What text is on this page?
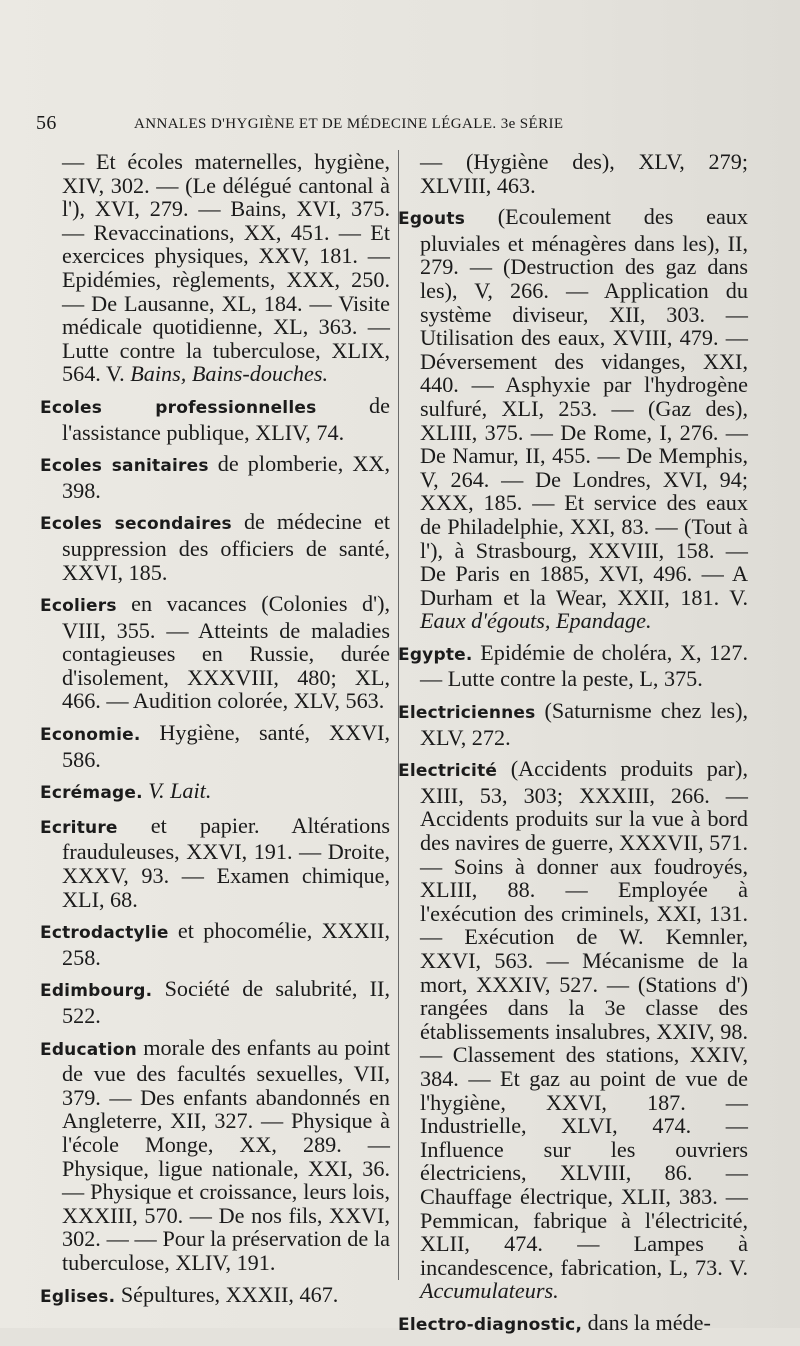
56	ANNALES D'HYGIÈNE ET DE MÉDECINE LÉGALE. 3e SÉRIE

— Et écoles maternelles, hygiène, XIV, 302. — (Le délégué cantonal à l'), XVI, 279. — Bains, XVI, 375. — Revaccinations, XX, 451. — Et exercices physiques, XXV, 181. — Epidémies, règlements, XXX, 250. — De Lausanne, XL, 184. — Visite médicale quotidienne, XL, 363. — Lutte contre la tuberculose, XLIX, 564. V. Bains, Bains-douches.

Ecoles professionnelles de l'assistance publique, XLIV, 74.

Ecoles sanitaires de plomberie, XX, 398.

Ecoles secondaires de médecine et suppression des officiers de santé, XXVI, 185.

Ecoliers en vacances (Colonies d'), VIII, 355. — Atteints de maladies contagieuses en Russie, durée d'isolement, XXXVIII, 480; XL, 466. — Audition colorée, XLV, 563.

Economie. Hygiène, santé, XXVI, 586.

Ecrémage. V. Lait.

Ecriture et papier. Altérations frauduleuses, XXVI, 191. — Droite, XXXV, 93. — Examen chimique, XLI, 68.

Ectrodactylie et phocomélie, XXXII, 258.

Edimbourg. Société de salubrité, II, 522.

Education morale des enfants au point de vue des facultés sexuelles, VII, 379. — Des enfants abandonnés en Angleterre, XII, 327. — Physique à l'école Monge, XX, 289. — Physique, ligue nationale, XXI, 36. — Physique et croissance, leurs lois, XXXIII, 570. — De nos fils, XXVI, 302. — — Pour la préservation de la tuberculose, XLIV, 191.

Eglises. Sépultures, XXXII, 467.

— (Hygiène des), XLV, 279; XLVIII, 463.

Egouts (Ecoulement des eaux pluviales et ménagères dans les), II, 279. — (Destruction des gaz dans les), V, 266. — Application du système diviseur, XII, 303. — Utilisation des eaux, XVIII, 479. — Déversement des vidanges, XXI, 440. — Asphyxie par l'hydrogène sulfuré, XLI, 253. — (Gaz des), XLIII, 375. — De Rome, I, 276. — De Namur, II, 455. — De Memphis, V, 264. — De Londres, XVI, 94; XXX, 185. — Et service des eaux de Philadelphie, XXI, 83. — (Tout à l'), à Strasbourg, XXVIII, 158. — De Paris en 1885, XVI, 496. — A Durham et la Wear, XXII, 181. V. Eaux d'égouts, Epandage.

Egypte. Epidémie de choléra, X, 127. — Lutte contre la peste, L, 375.

Electriciennes (Saturnisme chez les), XLV, 272.

Electricité (Accidents produits par), XIII, 53, 303; XXXIII, 266. — Accidents produits sur la vue à bord des navires de guerre, XXXVII, 571. — Soins à donner aux foudroyés, XLIII, 88. — Employée à l'exécution des criminels, XXI, 131. — Exécution de W. Kemnler, XXVI, 563. — Mécanisme de la mort, XXXIV, 527. — (Stations d') rangées dans la 3e classe des établissements insalubres, XXIV, 98. — Classement des stations, XXIV, 384. — Et gaz au point de vue de l'hygiène, XXVI, 187. — Industrielle, XLVI, 474. — Influence sur les ouvriers électriciens, XLVIII, 86. — Chauffage électrique, XLII, 383. — Pemmican, fabrique à l'électricité, XLII, 474. — Lampes à incandescence, fabrication, L, 73. V. Accumulateurs.

Electro-diagnostic, dans la méde-
